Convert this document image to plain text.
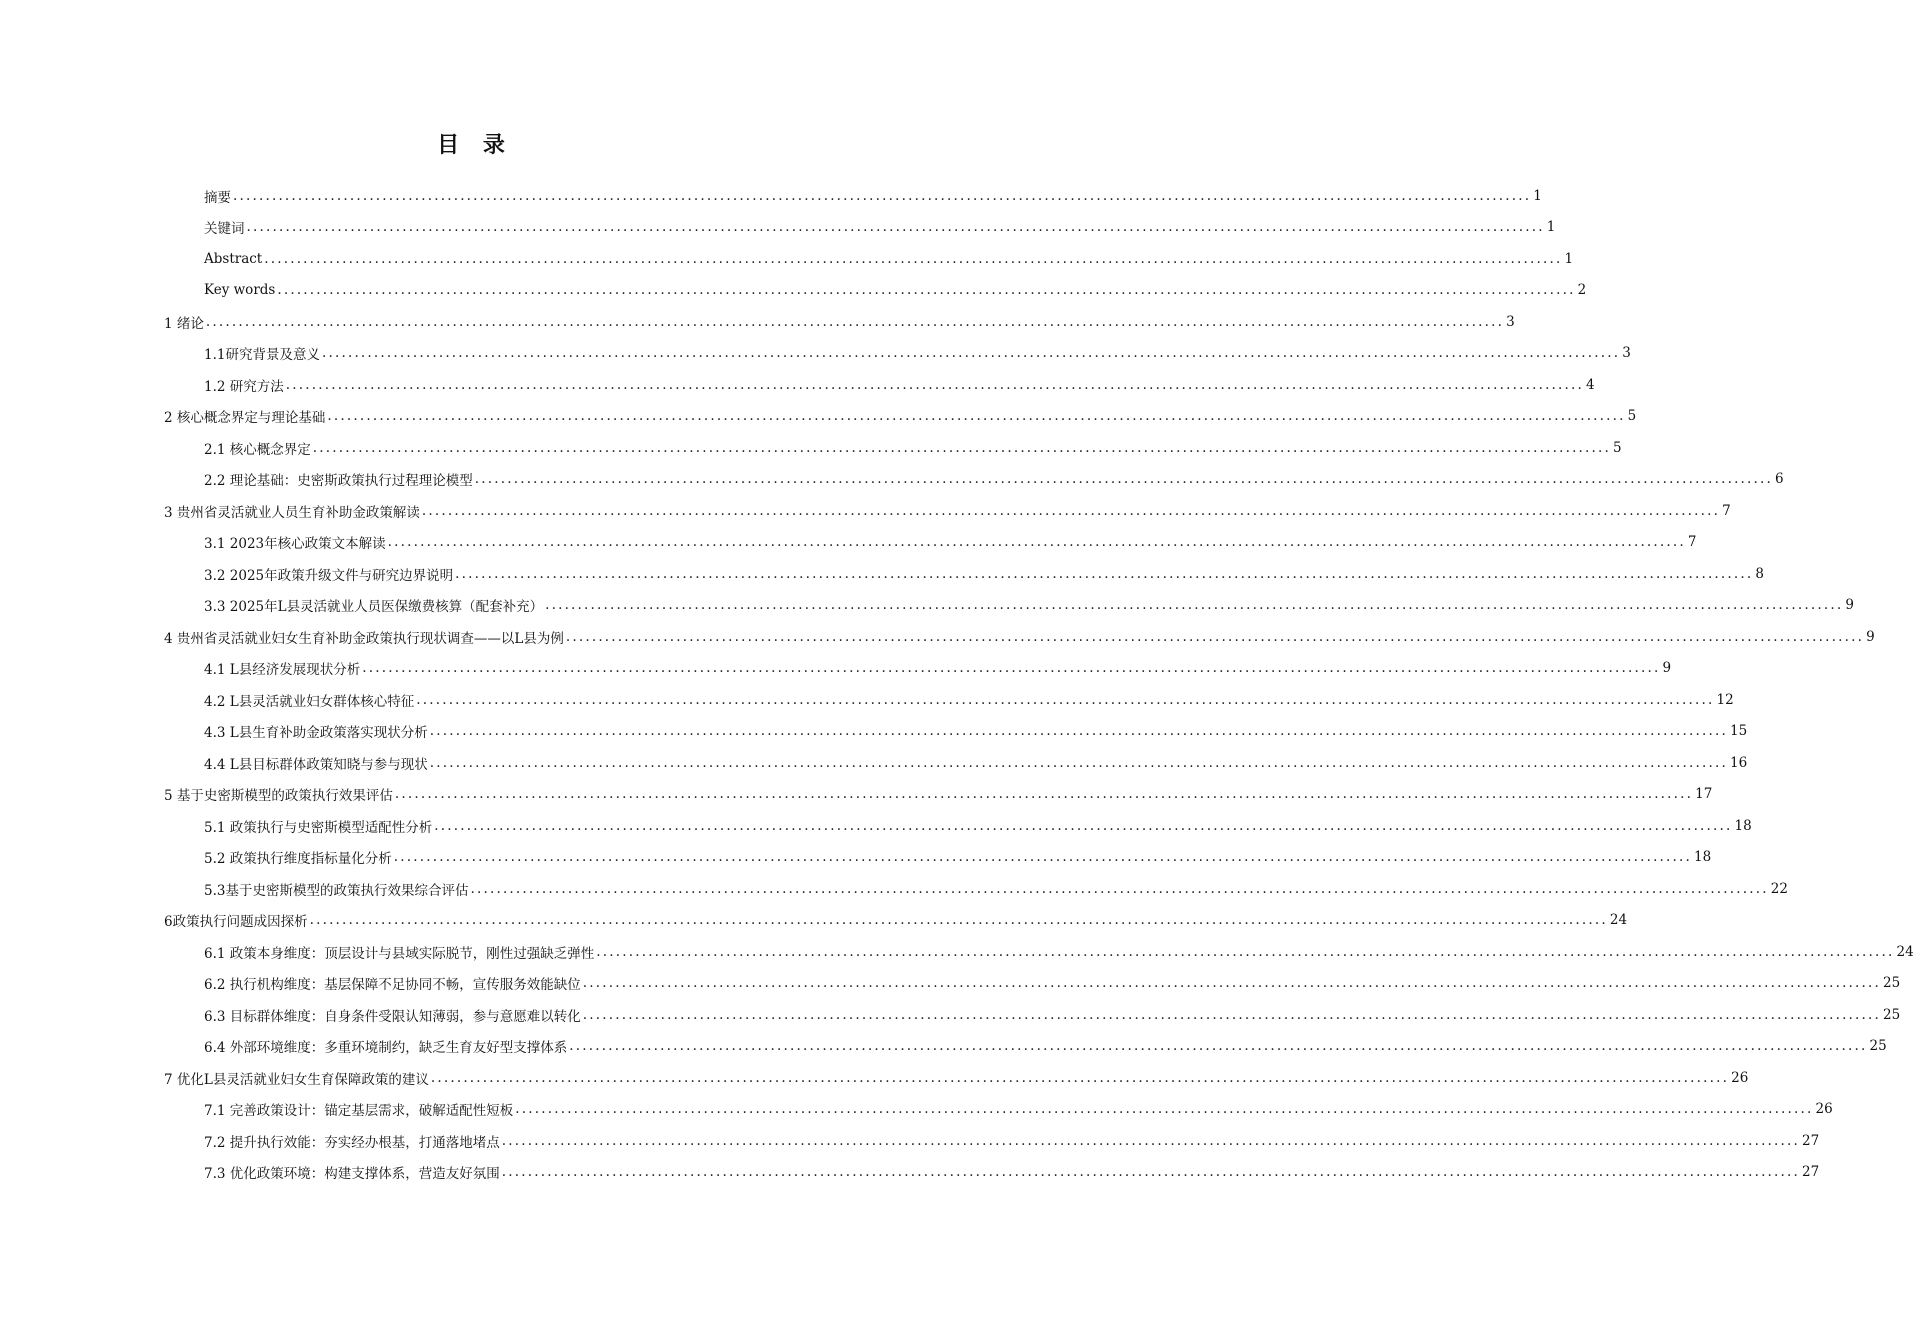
目 录
摘要 ........................................................................................................................................................................................................ 1
关键词 ........................................................................................................................................................................................................ 1
Abstract ........................................................................................................................................................................................................ 1
Key words ........................................................................................................................................................................................................ 2
1 绪论 ........................................................................................................................................................................................................ 3
1.1研究背景及意义 ........................................................................................................................................................................................................ 3
1.2 研究方法 ........................................................................................................................................................................................................ 4
2 核心概念界定与理论基础 ........................................................................................................................................................................................................ 5
2.1 核心概念界定 ........................................................................................................................................................................................................ 5
2.2 理论基础：史密斯政策执行过程理论模型 ........................................................................................................................................................................................................ 6
3 贵州省灵活就业人员生育补助金政策解读 ........................................................................................................................................................................................................ 7
3.1 2023年核心政策文本解读 ........................................................................................................................................................................................................ 7
3.2 2025年政策升级文件与研究边界说明 ........................................................................................................................................................................................................ 8
3.3 2025年L县灵活就业人员医保缴费核算（配套补充） ........................................................................................................................................................................................................ 9
4 贵州省灵活就业妇女生育补助金政策执行现状调查——以L县为例 ........................................................................................................................................................................................................ 9
4.1 L县经济发展现状分析 ........................................................................................................................................................................................................ 9
4.2 L县灵活就业妇女群体核心特征 ........................................................................................................................................................................................................ 12
4.3 L县生育补助金政策落实现状分析 ........................................................................................................................................................................................................ 15
4.4 L县目标群体政策知晓与参与现状 ........................................................................................................................................................................................................ 16
5 基于史密斯模型的政策执行效果评估 ........................................................................................................................................................................................................ 17
5.1 政策执行与史密斯模型适配性分析 ........................................................................................................................................................................................................ 18
5.2 政策执行维度指标量化分析 ........................................................................................................................................................................................................ 18
5.3基于史密斯模型的政策执行效果综合评估 ........................................................................................................................................................................................................ 22
6政策执行问题成因探析 ........................................................................................................................................................................................................ 24
6.1 政策本身维度：顶层设计与县域实际脱节，刚性过强缺乏弹性 ........................................................................................................................................................................................................ 24
6.2 执行机构维度：基层保障不足协同不畅，宣传服务效能缺位 ........................................................................................................................................................................................................ 25
6.3 目标群体维度：自身条件受限认知薄弱，参与意愿难以转化 ........................................................................................................................................................................................................ 25
6.4 外部环境维度：多重环境制约，缺乏生育友好型支撑体系 ........................................................................................................................................................................................................ 25
7 优化L县灵活就业妇女生育保障政策的建议 ........................................................................................................................................................................................................ 26
7.1 完善政策设计：锚定基层需求，破解适配性短板 ........................................................................................................................................................................................................ 26
7.2 提升执行效能：夯实经办根基，打通落地堵点 ........................................................................................................................................................................................................ 27
7.3 优化政策环境：构建支撑体系，营造友好氛围 ........................................................................................................................................................................................................ 27
